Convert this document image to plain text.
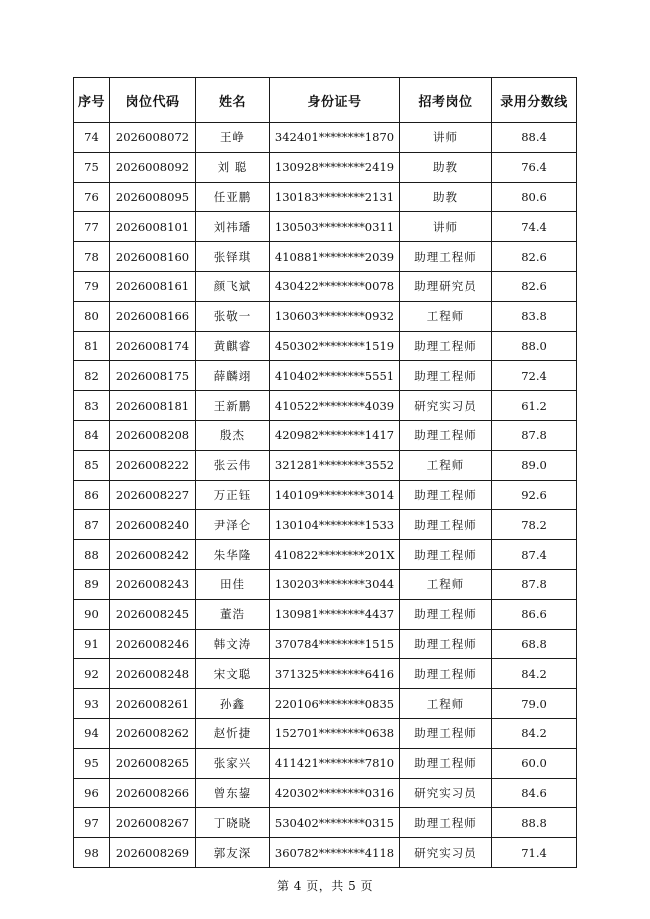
序号	岗位代码	姓名	身份证号	招考岗位	录用分数线
74	2026008072	王峥	342401********1870	讲师	88.4
75	2026008092	刘 聪	130928********2419	助教	76.4
76	2026008095	任亚鹏	130183********2131	助教	80.6
77	2026008101	刘祎璠	130503********0311	讲师	74.4
78	2026008160	张铎琪	410881********2039	助理工程师	82.6
79	2026008161	颜飞斌	430422********0078	助理研究员	82.6
80	2026008166	张敬一	130603********0932	工程师	83.8
81	2026008174	黄麒睿	450302********1519	助理工程师	88.0
82	2026008175	薛麟翊	410402********5551	助理工程师	72.4
83	2026008181	王新鹏	410522********4039	研究实习员	61.2
84	2026008208	殷杰	420982********1417	助理工程师	87.8
85	2026008222	张云伟	321281********3552	工程师	89.0
86	2026008227	万正钰	140109********3014	助理工程师	92.6
87	2026008240	尹泽仑	130104********1533	助理工程师	78.2
88	2026008242	朱华隆	410822********201X	助理工程师	87.4
89	2026008243	田佳	130203********3044	工程师	87.8
90	2026008245	董浩	130981********4437	助理工程师	86.6
91	2026008246	韩文涛	370784********1515	助理工程师	68.8
92	2026008248	宋文聪	371325********6416	助理工程师	84.2
93	2026008261	孙鑫	220106********0835	工程师	79.0
94	2026008262	赵忻捷	152701********0638	助理工程师	84.2
95	2026008265	张家兴	411421********7810	助理工程师	60.0
96	2026008266	曾东鋆	420302********0316	研究实习员	84.6
97	2026008267	丁晓晓	530402********0315	助理工程师	88.8
98	2026008269	郭友深	360782********4118	研究实习员	71.4
第 4 页，共 5 页
